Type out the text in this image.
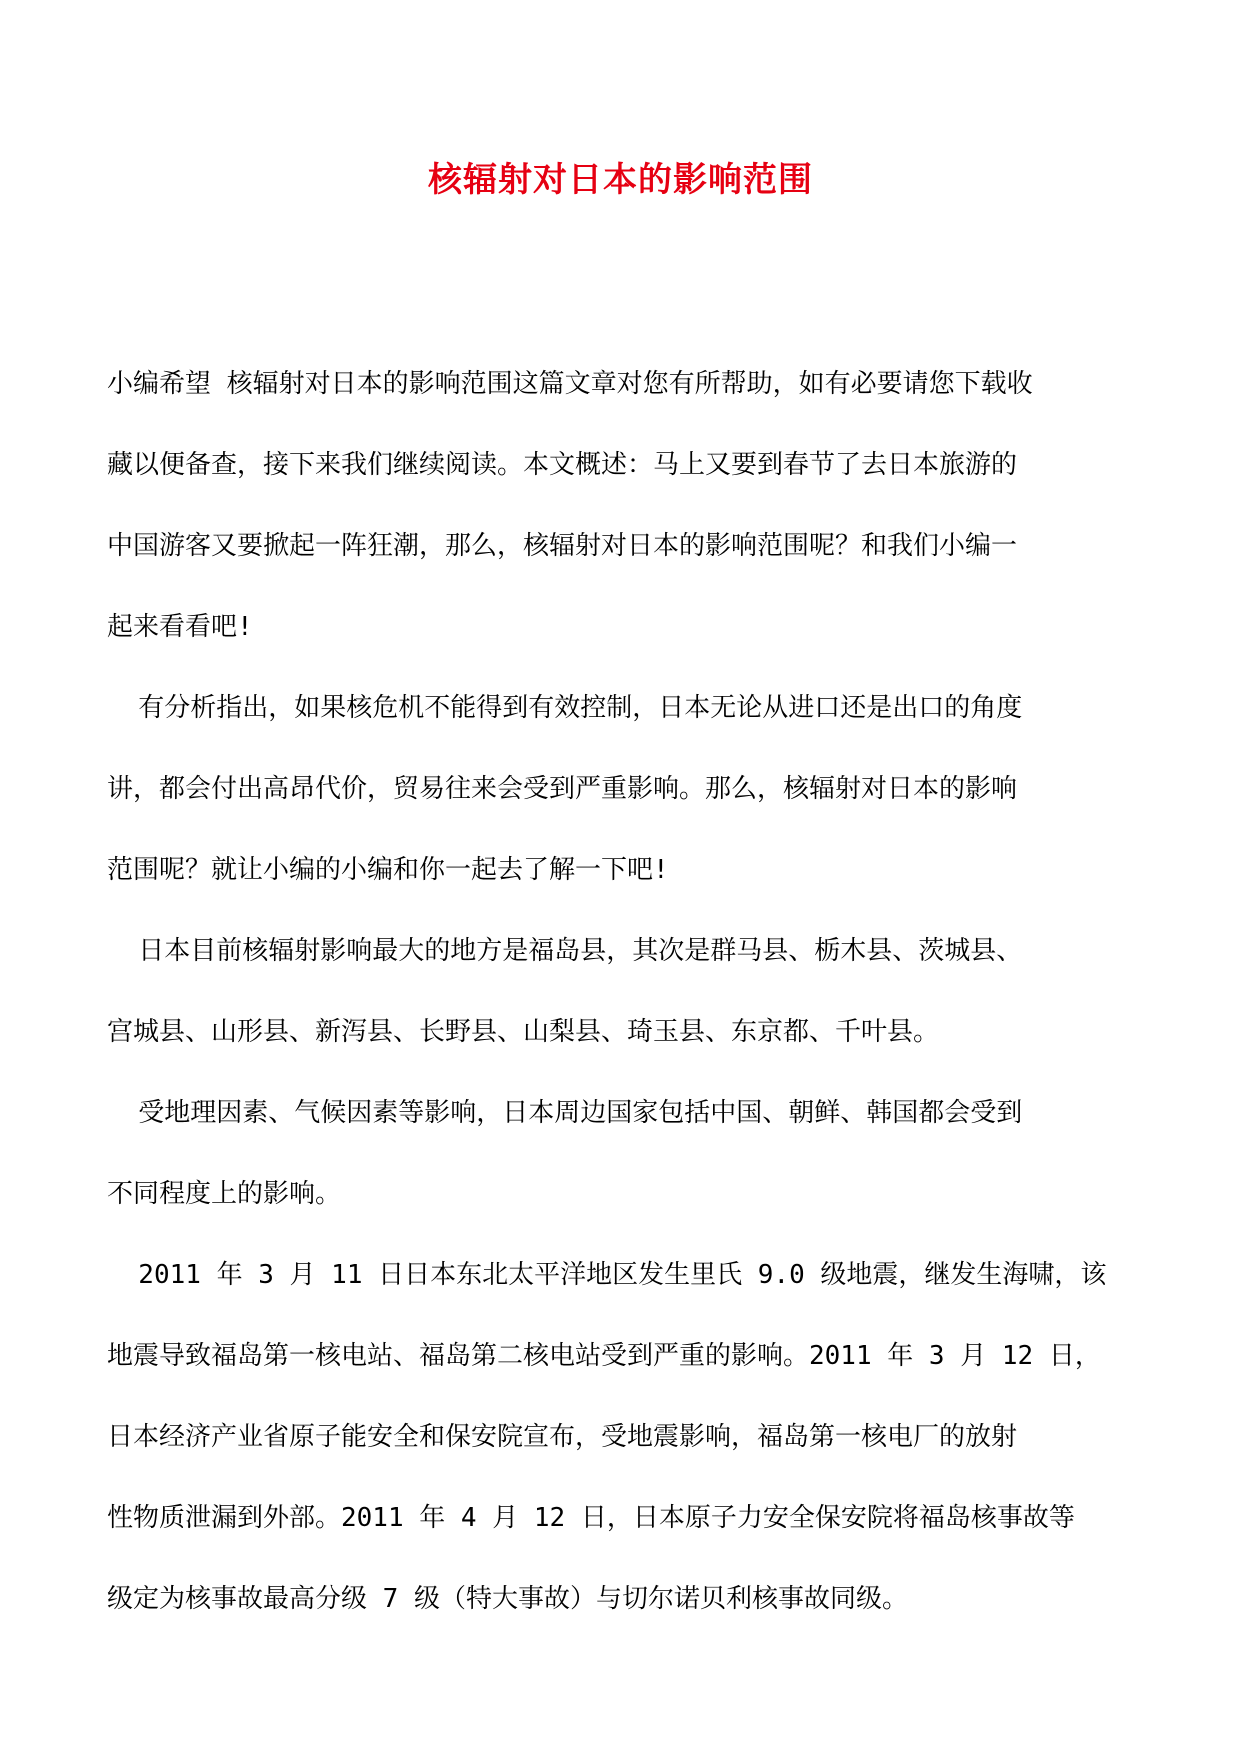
核辐射对日本的影响范围
小编希望 核辐射对日本的影响范围这篇文章对您有所帮助，如有必要请您下载收
藏以便备查，接下来我们继续阅读。本文概述：马上又要到春节了去日本旅游的
中国游客又要掀起一阵狂潮，那么，核辐射对日本的影响范围呢？和我们小编一
起来看看吧!
有分析指出，如果核危机不能得到有效控制，日本无论从进口还是出口的角度
讲，都会付出高昂代价，贸易往来会受到严重影响。那么，核辐射对日本的影响
范围呢？就让小编的小编和你一起去了解一下吧!
日本目前核辐射影响最大的地方是福岛县，其次是群马县、栃木县、茨城县、
宫城县、山形县、新泻县、长野县、山梨县、琦玉县、东京都、千叶县。
受地理因素、气候因素等影响，日本周边国家包括中国、朝鲜、韩国都会受到
不同程度上的影响。
2011 年 3 月 11 日日本东北太平洋地区发生里氏 9.0 级地震，继发生海啸，该
地震导致福岛第一核电站、福岛第二核电站受到严重的影响。2011 年 3 月 12 日，
日本经济产业省原子能安全和保安院宣布，受地震影响，福岛第一核电厂的放射
性物质泄漏到外部。2011 年 4 月 12 日，日本原子力安全保安院将福岛核事故等
级定为核事故最高分级 7 级（特大事故）与切尔诺贝利核事故同级。
